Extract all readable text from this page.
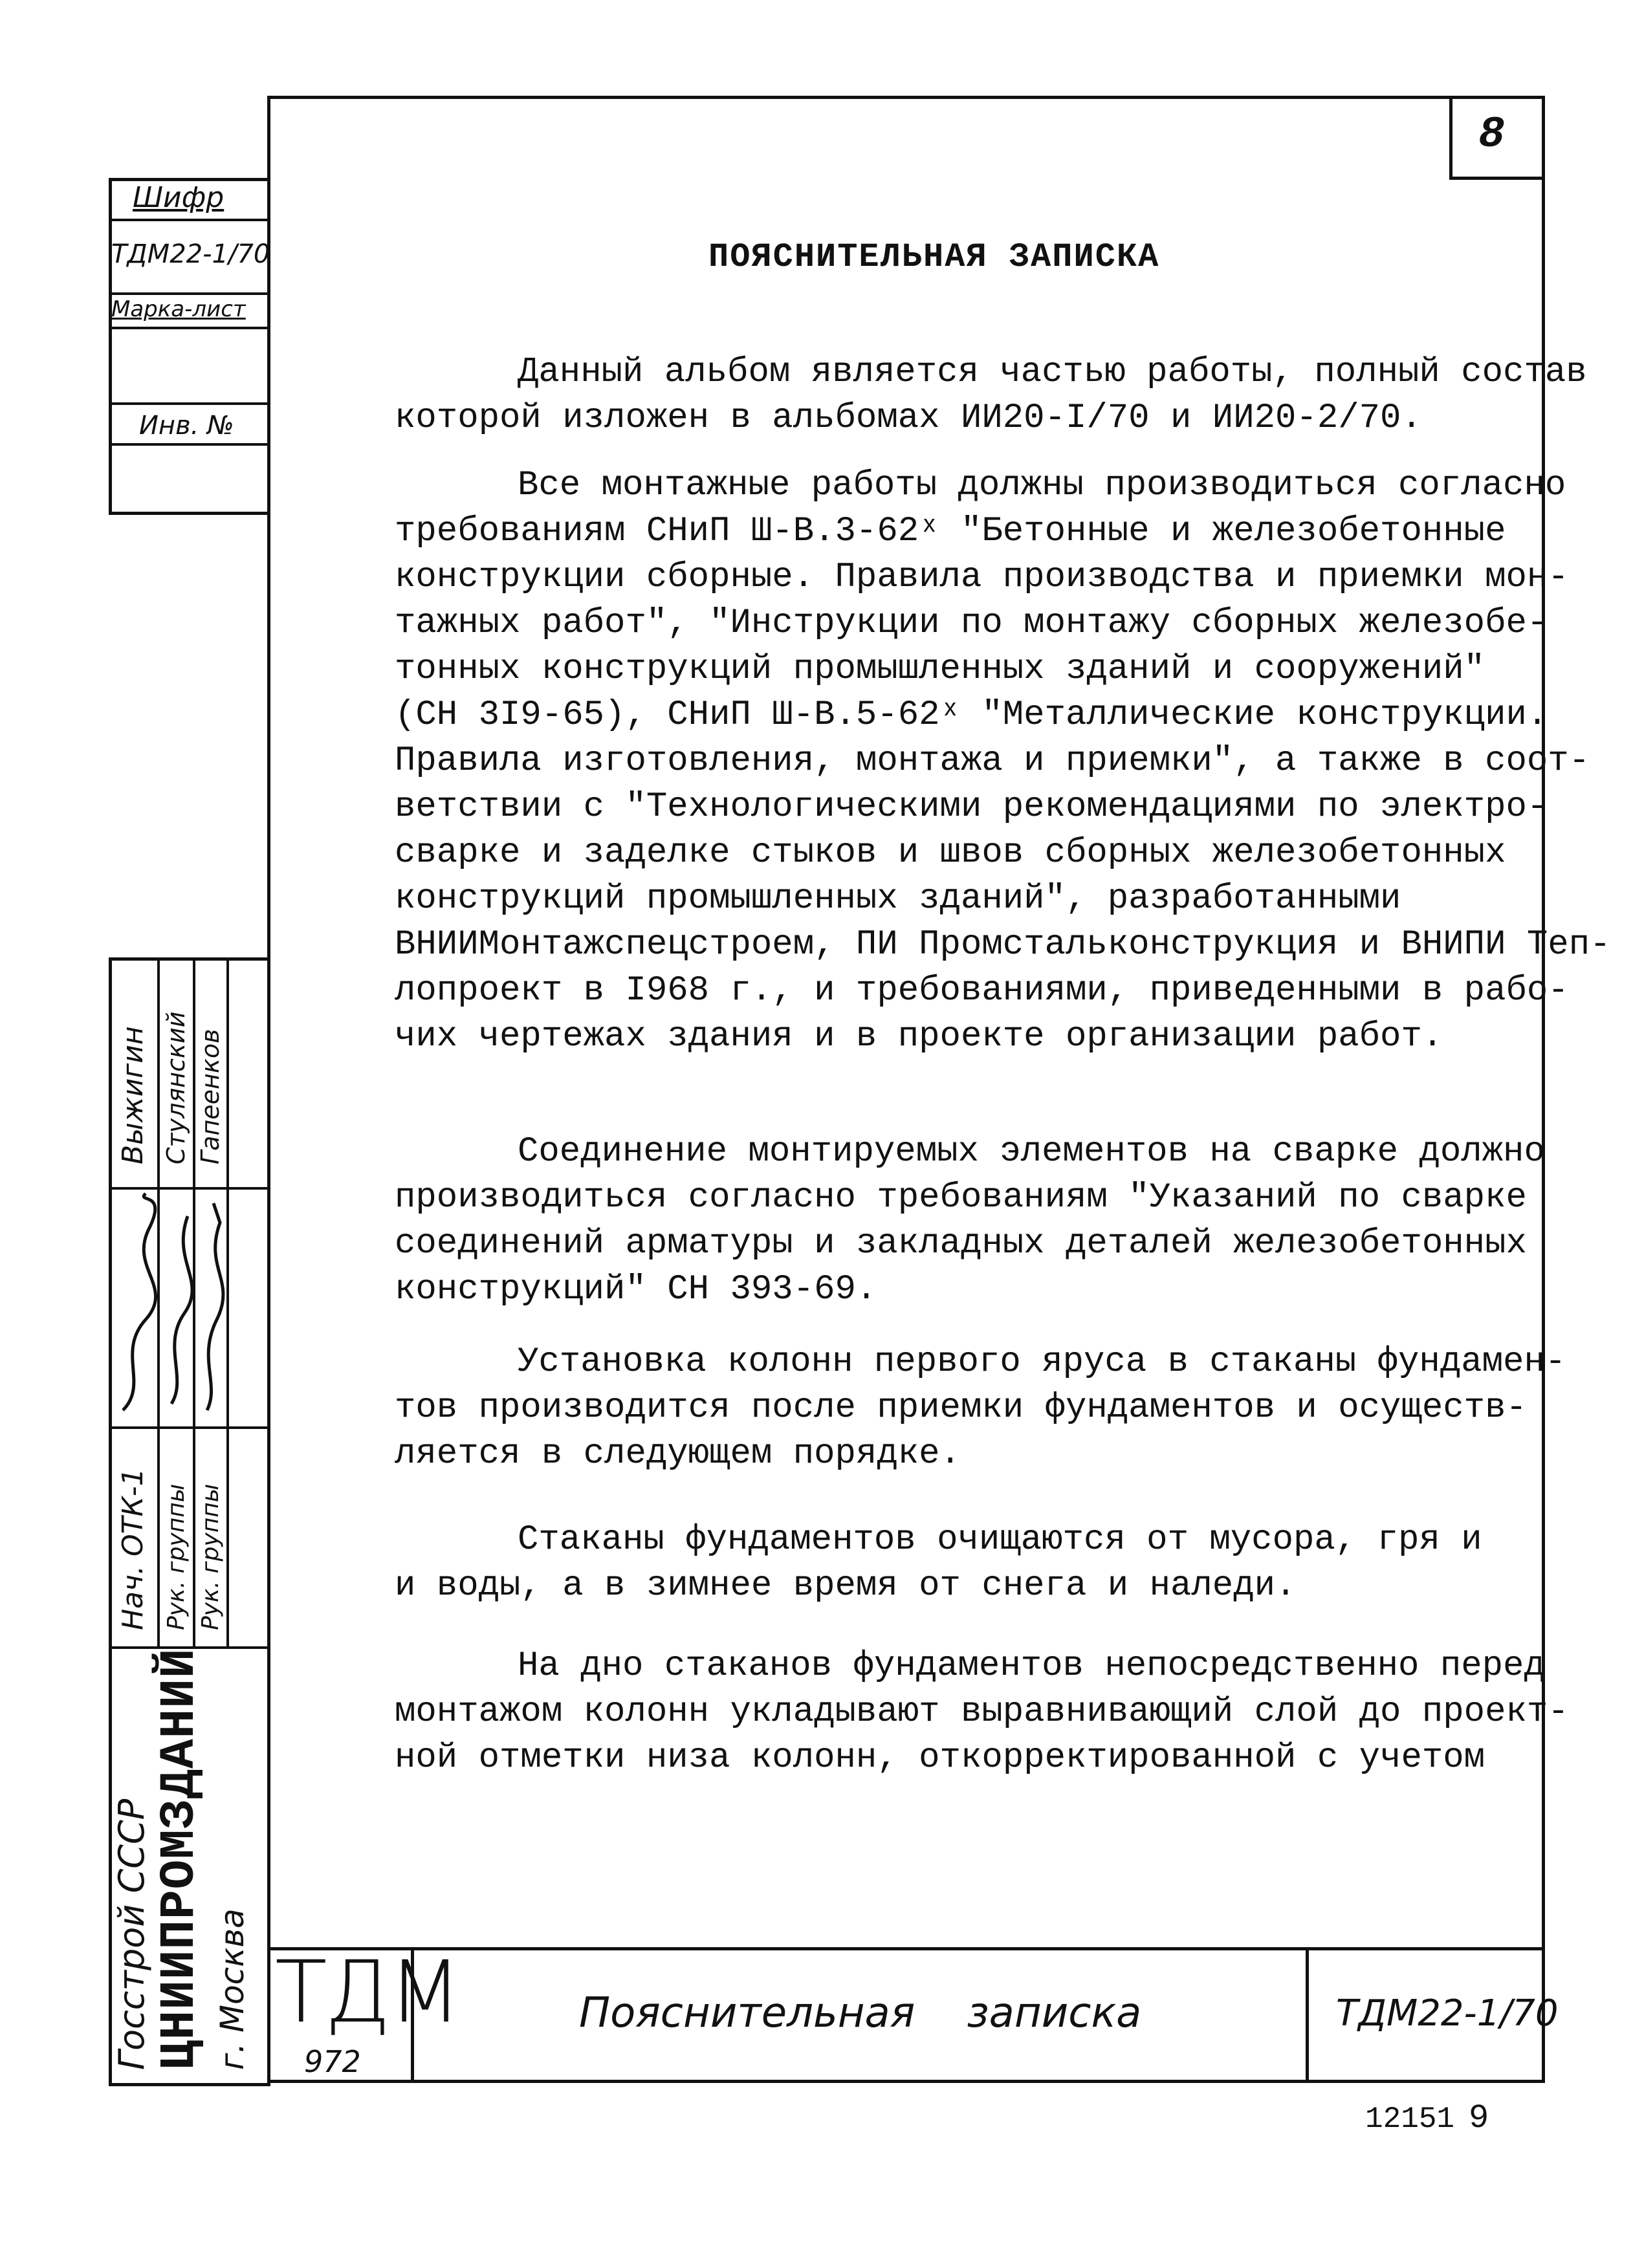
8
ПОЯСНИТЕЛЬНАЯ ЗАПИСКА
Данный альбом является частью работы, полный состав
которой изложен в альбомах ИИ20-I/70 и ИИ20-2/70.
Все монтажные работы должны производиться согласно
требованиям СНиП Ш-В.3-62ˣ "Бетонные и железобетонные
конструкции сборные. Правила производства и приемки мон-
тажных работ", "Инструкции по монтажу сборных железобе-
тонных конструкций промышленных зданий и сооружений"
(СН 3I9-65), СНиП Ш-В.5-62ˣ "Металлические конструкции.
Правила изготовления, монтажа и приемки", а также в соот-
ветствии с "Технологическими рекомендациями по электро-
сварке и заделке стыков и швов сборных железобетонных
конструкций промышленных зданий", разработанными
ВНИИМонтажспецстроем, ПИ Промстальконструкция и ВНИПИ Теп-
лопроект в I968 г., и требованиями, приведенными в рабо-
чих чертежах здания и в проекте организации работ.
Соединение монтируемых элементов на сварке должно
производиться согласно требованиям "Указаний по сварке
соединений арматуры и закладных деталей железобетонных
конструкций" СН 393-69.
Установка колонн первого яруса в стаканы фундамен-
тов производится после приемки фундаментов и осуществ-
ляется в следующем порядке.
Стаканы фундаментов очищаются от мусора, гря и
и воды, а в зимнее время от снега и наледи.
На дно стаканов фундаментов непосредственно перед
монтажом колонн укладывают выравнивающий слой до проект-
ной отметки низа колонн, откорректированной с учетом
Шифр
ТДМ22-1/70
Марка-лист
Инв. №
Выжигин Стулянский Гапеенков
Нач. ОТК-1 Рук. группы Рук. группы
Госстрой СССР ЦНИИПРОМЗДАНИЙ г. Москва ТДМ
972
Пояснительная записка	ТДМ22-1/70
12151 9
